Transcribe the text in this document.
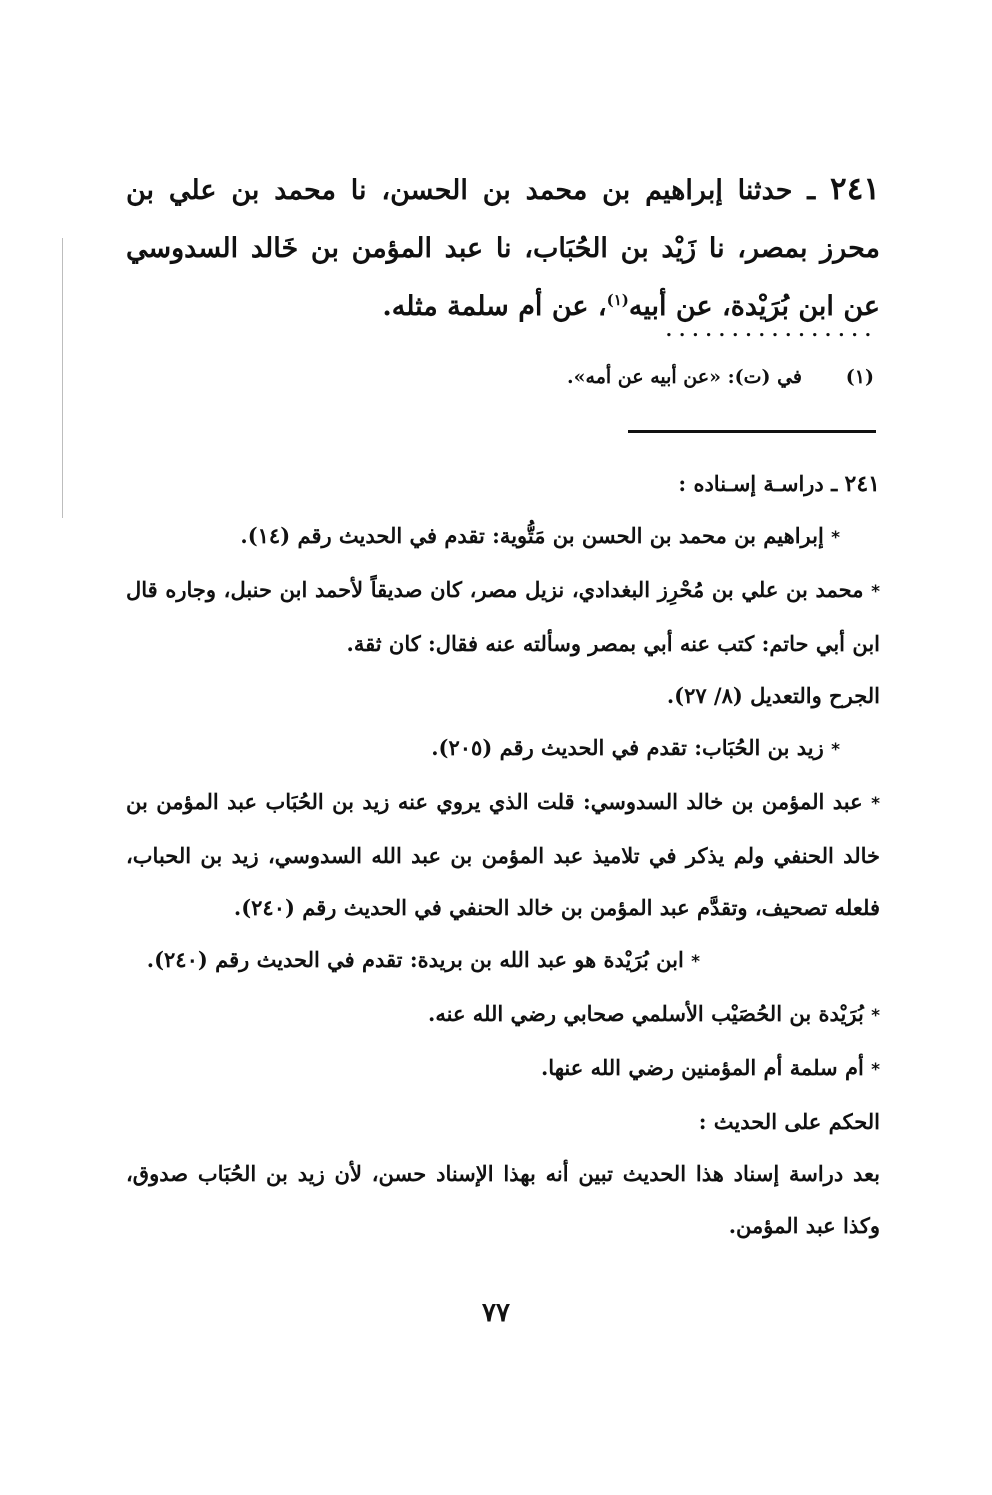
٢٤١ ـ حدثنا إبراهيم بن محمد بن الحسن، نا محمد بن علي بن محرز بمصر، نا زَيْد بن الحُبَاب، نا عبد المؤمن بن خَالد السدوسي عن ابن بُرَيْدة، عن أبيه$^{(١)}$، عن أم سلمة مثله.
................
(١)في (ت): «عن أبيه عن أمه».

٢٤١ ـ دراسـة إسـناده :

* إبراهيم بن محمد بن الحسن بن مَتُّوية: تقدم في الحديث رقم (١٤).

* محمد بن علي بن مُحْرِز البغدادي، نزيل مصر، كان صديقاً لأحمد ابن حنبل، وجاره قال ابن أبي حاتم: كتب عنه أبي بمصر وسألته عنه فقال: كان ثقة.

الجرح والتعديل (٨/ ٢٧).

* زيد بن الحُبَاب: تقدم في الحديث رقم (٢٠٥).

* عبد المؤمن بن خالد السدوسي: قلت الذي يروي عنه زيد بن الحُبَاب عبد المؤمن بن خالد الحنفي ولم يذكر في تلاميذ عبد المؤمن بن عبد الله السدوسي، زيد بن الحباب، فلعله تصحيف، وتقدَّم عبد المؤمن بن خالد الحنفي في الحديث رقم (٢٤٠).

* ابن بُرَيْدة هو عبد الله بن بريدة: تقدم في الحديث رقم (٢٤٠).

* بُرَيْدة بن الحُصَيْب الأسلمي صحابي رضي الله عنه.

* أم سلمة أم المؤمنين رضي الله عنها.

الحكم على الحديث :

بعد دراسة إسناد هذا الحديث تبين أنه بهذا الإسناد حسن، لأن زيد بن الحُبَاب صدوق، وكذا عبد المؤمن.

٧٧
